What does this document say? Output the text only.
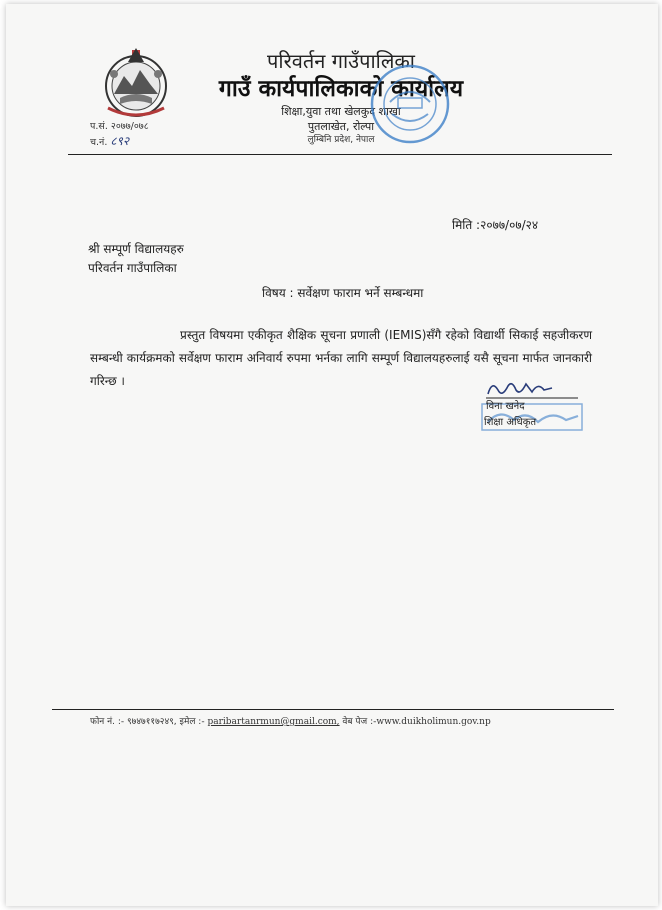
परिवर्तन गाउँपालिका
गाउँ कार्यपालिकाको कार्यालय
शिक्षा,युवा तथा खेलकुद शाखा
पुतलाखेत, रोल्पा
लुम्बिनि प्रदेश, नेपाल
प.सं. २०७७/०७८
च.नं. ८९२
मिति :२०७७/०७/२४
श्री सम्पूर्ण विद्यालयहरु
परिवर्तन गाउँपालिका
विषय : सर्वेक्षण फाराम भर्ने सम्बन्धमा
प्रस्तुत विषयमा एकीकृत शैक्षिक सूचना प्रणाली (IEMIS)सँगै रहेको विद्यार्थी सिकाई सहजीकरण सम्बन्धी कार्यक्रमको सर्वेक्षण फाराम अनिवार्य रुपमा भर्नका लागि सम्पूर्ण विद्यालयहरुलाई यसै सूचना मार्फत जानकारी गरिन्छ ।
विना खनेद
शिक्षा अधिकृत
फोन नं. :- ९७४७११७२४९, इमेल :- paribartanrmun@gmail.com, वेब पेज :-www.duikholimun.gov.np
